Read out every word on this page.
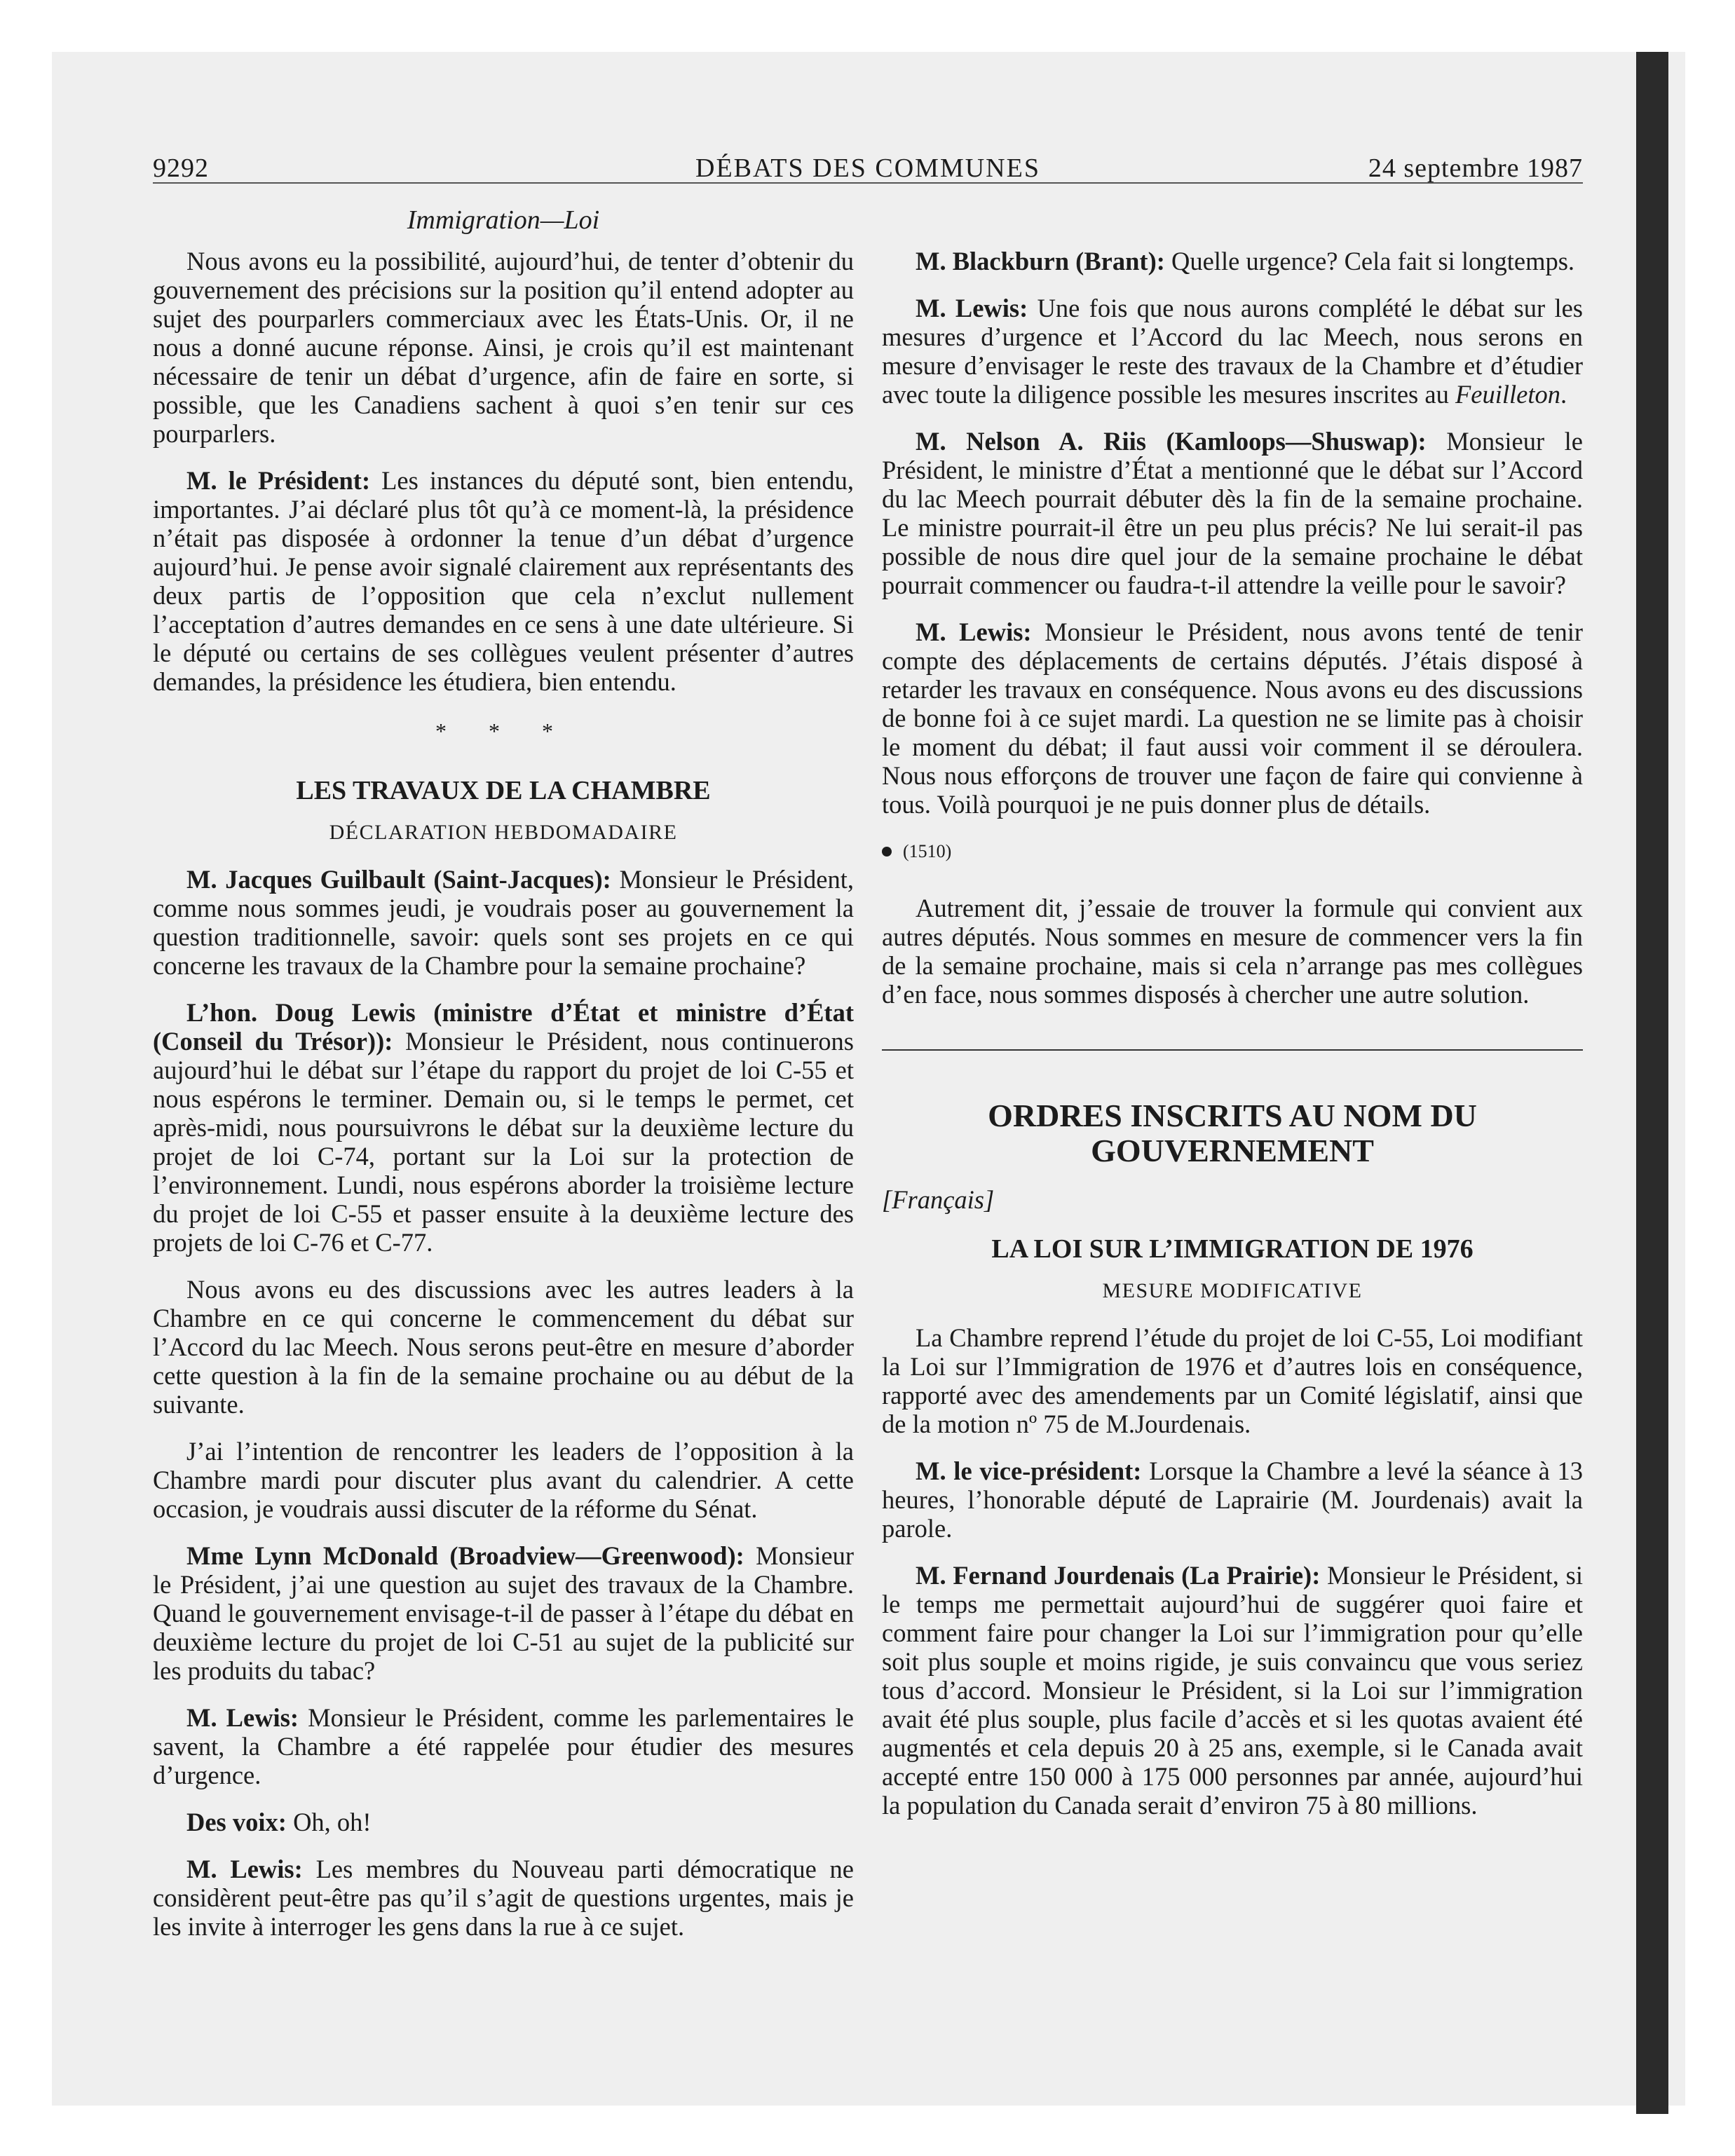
9292	DÉBATS DES COMMUNES	24 septembre 1987
Immigration—Loi

Nous avons eu la possibilité, aujourd’hui, de tenter d’obtenir du gouvernement des précisions sur la position qu’il entend adopter au sujet des pourparlers commerciaux avec les États-Unis. Or, il ne nous a donné aucune réponse. Ainsi, je crois qu’il est maintenant nécessaire de tenir un débat d’urgence, afin de faire en sorte, si possible, que les Canadiens sachent à quoi s’en tenir sur ces pourparlers.

M. le Président: Les instances du député sont, bien entendu, importantes. J’ai déclaré plus tôt qu’à ce moment-là, la présidence n’était pas disposée à ordonner la tenue d’un débat d’urgence aujourd’hui. Je pense avoir signalé clairement aux représentants des deux partis de l’opposition que cela n’exclut nullement l’acceptation d’autres demandes en ce sens à une date ultérieure. Si le député ou certains de ses collègues veulent présenter d’autres demandes, la présidence les étudiera, bien entendu.

* * *
LES TRAVAUX DE LA CHAMBRE
DÉCLARATION HEBDOMADAIRE

M. Jacques Guilbault (Saint-Jacques): Monsieur le Président, comme nous sommes jeudi, je voudrais poser au gouvernement la question traditionnelle, savoir: quels sont ses projets en ce qui concerne les travaux de la Chambre pour la semaine prochaine?

L’hon. Doug Lewis (ministre d’État et ministre d’État (Conseil du Trésor)): Monsieur le Président, nous continuerons aujourd’hui le débat sur l’étape du rapport du projet de loi C-55 et nous espérons le terminer. Demain ou, si le temps le permet, cet après-midi, nous poursuivrons le débat sur la deuxième lecture du projet de loi C-74, portant sur la Loi sur la protection de l’environnement. Lundi, nous espérons aborder la troisième lecture du projet de loi C-55 et passer ensuite à la deuxième lecture des projets de loi C-76 et C-77.

Nous avons eu des discussions avec les autres leaders à la Chambre en ce qui concerne le commencement du débat sur l’Accord du lac Meech. Nous serons peut-être en mesure d’aborder cette question à la fin de la semaine prochaine ou au début de la suivante.

J’ai l’intention de rencontrer les leaders de l’opposition à la Chambre mardi pour discuter plus avant du calendrier. A cette occasion, je voudrais aussi discuter de la réforme du Sénat.

Mme Lynn McDonald (Broadview—Greenwood): Monsieur le Président, j’ai une question au sujet des travaux de la Chambre. Quand le gouvernement envisage-t-il de passer à l’étape du débat en deuxième lecture du projet de loi C-51 au sujet de la publicité sur les produits du tabac?

M. Lewis: Monsieur le Président, comme les parlementaires le savent, la Chambre a été rappelée pour étudier des mesures d’urgence.

Des voix: Oh, oh!

M. Lewis: Les membres du Nouveau parti démocratique ne considèrent peut-être pas qu’il s’agit de questions urgentes, mais je les invite à interroger les gens dans la rue à ce sujet.

M. Blackburn (Brant): Quelle urgence? Cela fait si longtemps.

M. Lewis: Une fois que nous aurons complété le débat sur les mesures d’urgence et l’Accord du lac Meech, nous serons en mesure d’envisager le reste des travaux de la Chambre et d’étudier avec toute la diligence possible les mesures inscrites au Feuilleton.

M. Nelson A. Riis (Kamloops—Shuswap): Monsieur le Président, le ministre d’État a mentionné que le débat sur l’Accord du lac Meech pourrait débuter dès la fin de la semaine prochaine. Le ministre pourrait-il être un peu plus précis? Ne lui serait-il pas possible de nous dire quel jour de la semaine prochaine le débat pourrait commencer ou faudra-t-il attendre la veille pour le savoir?

M. Lewis: Monsieur le Président, nous avons tenté de tenir compte des déplacements de certains députés. J’étais disposé à retarder les travaux en conséquence. Nous avons eu des discussions de bonne foi à ce sujet mardi. La question ne se limite pas à choisir le moment du débat; il faut aussi voir comment il se déroulera. Nous nous efforçons de trouver une façon de faire qui convienne à tous. Voilà pourquoi je ne puis donner plus de détails.

(1510)

Autrement dit, j’essaie de trouver la formule qui convient aux autres députés. Nous sommes en mesure de commencer vers la fin de la semaine prochaine, mais si cela n’arrange pas mes collègues d’en face, nous sommes disposés à chercher une autre solution.

ORDRES INSCRITS AU NOM DU
GOUVERNEMENT
[Français]
LA LOI SUR L’IMMIGRATION DE 1976
MESURE MODIFICATIVE

La Chambre reprend l’étude du projet de loi C-55, Loi modifiant la Loi sur l’Immigration de 1976 et d’autres lois en conséquence, rapporté avec des amendements par un Comité législatif, ainsi que de la motion nº 75 de M.Jourdenais.

M. le vice-président: Lorsque la Chambre a levé la séance à 13 heures, l’honorable député de Laprairie (M. Jourdenais) avait la parole.

M. Fernand Jourdenais (La Prairie): Monsieur le Président, si le temps me permettait aujourd’hui de suggérer quoi faire et comment faire pour changer la Loi sur l’immigration pour qu’elle soit plus souple et moins rigide, je suis convaincu que vous seriez tous d’accord. Monsieur le Président, si la Loi sur l’immigration avait été plus souple, plus facile d’accès et si les quotas avaient été augmentés et cela depuis 20 à 25 ans, exemple, si le Canada avait accepté entre 150 000 à 175 000 personnes par année, aujourd’hui la population du Canada serait d’environ 75 à 80 millions.
